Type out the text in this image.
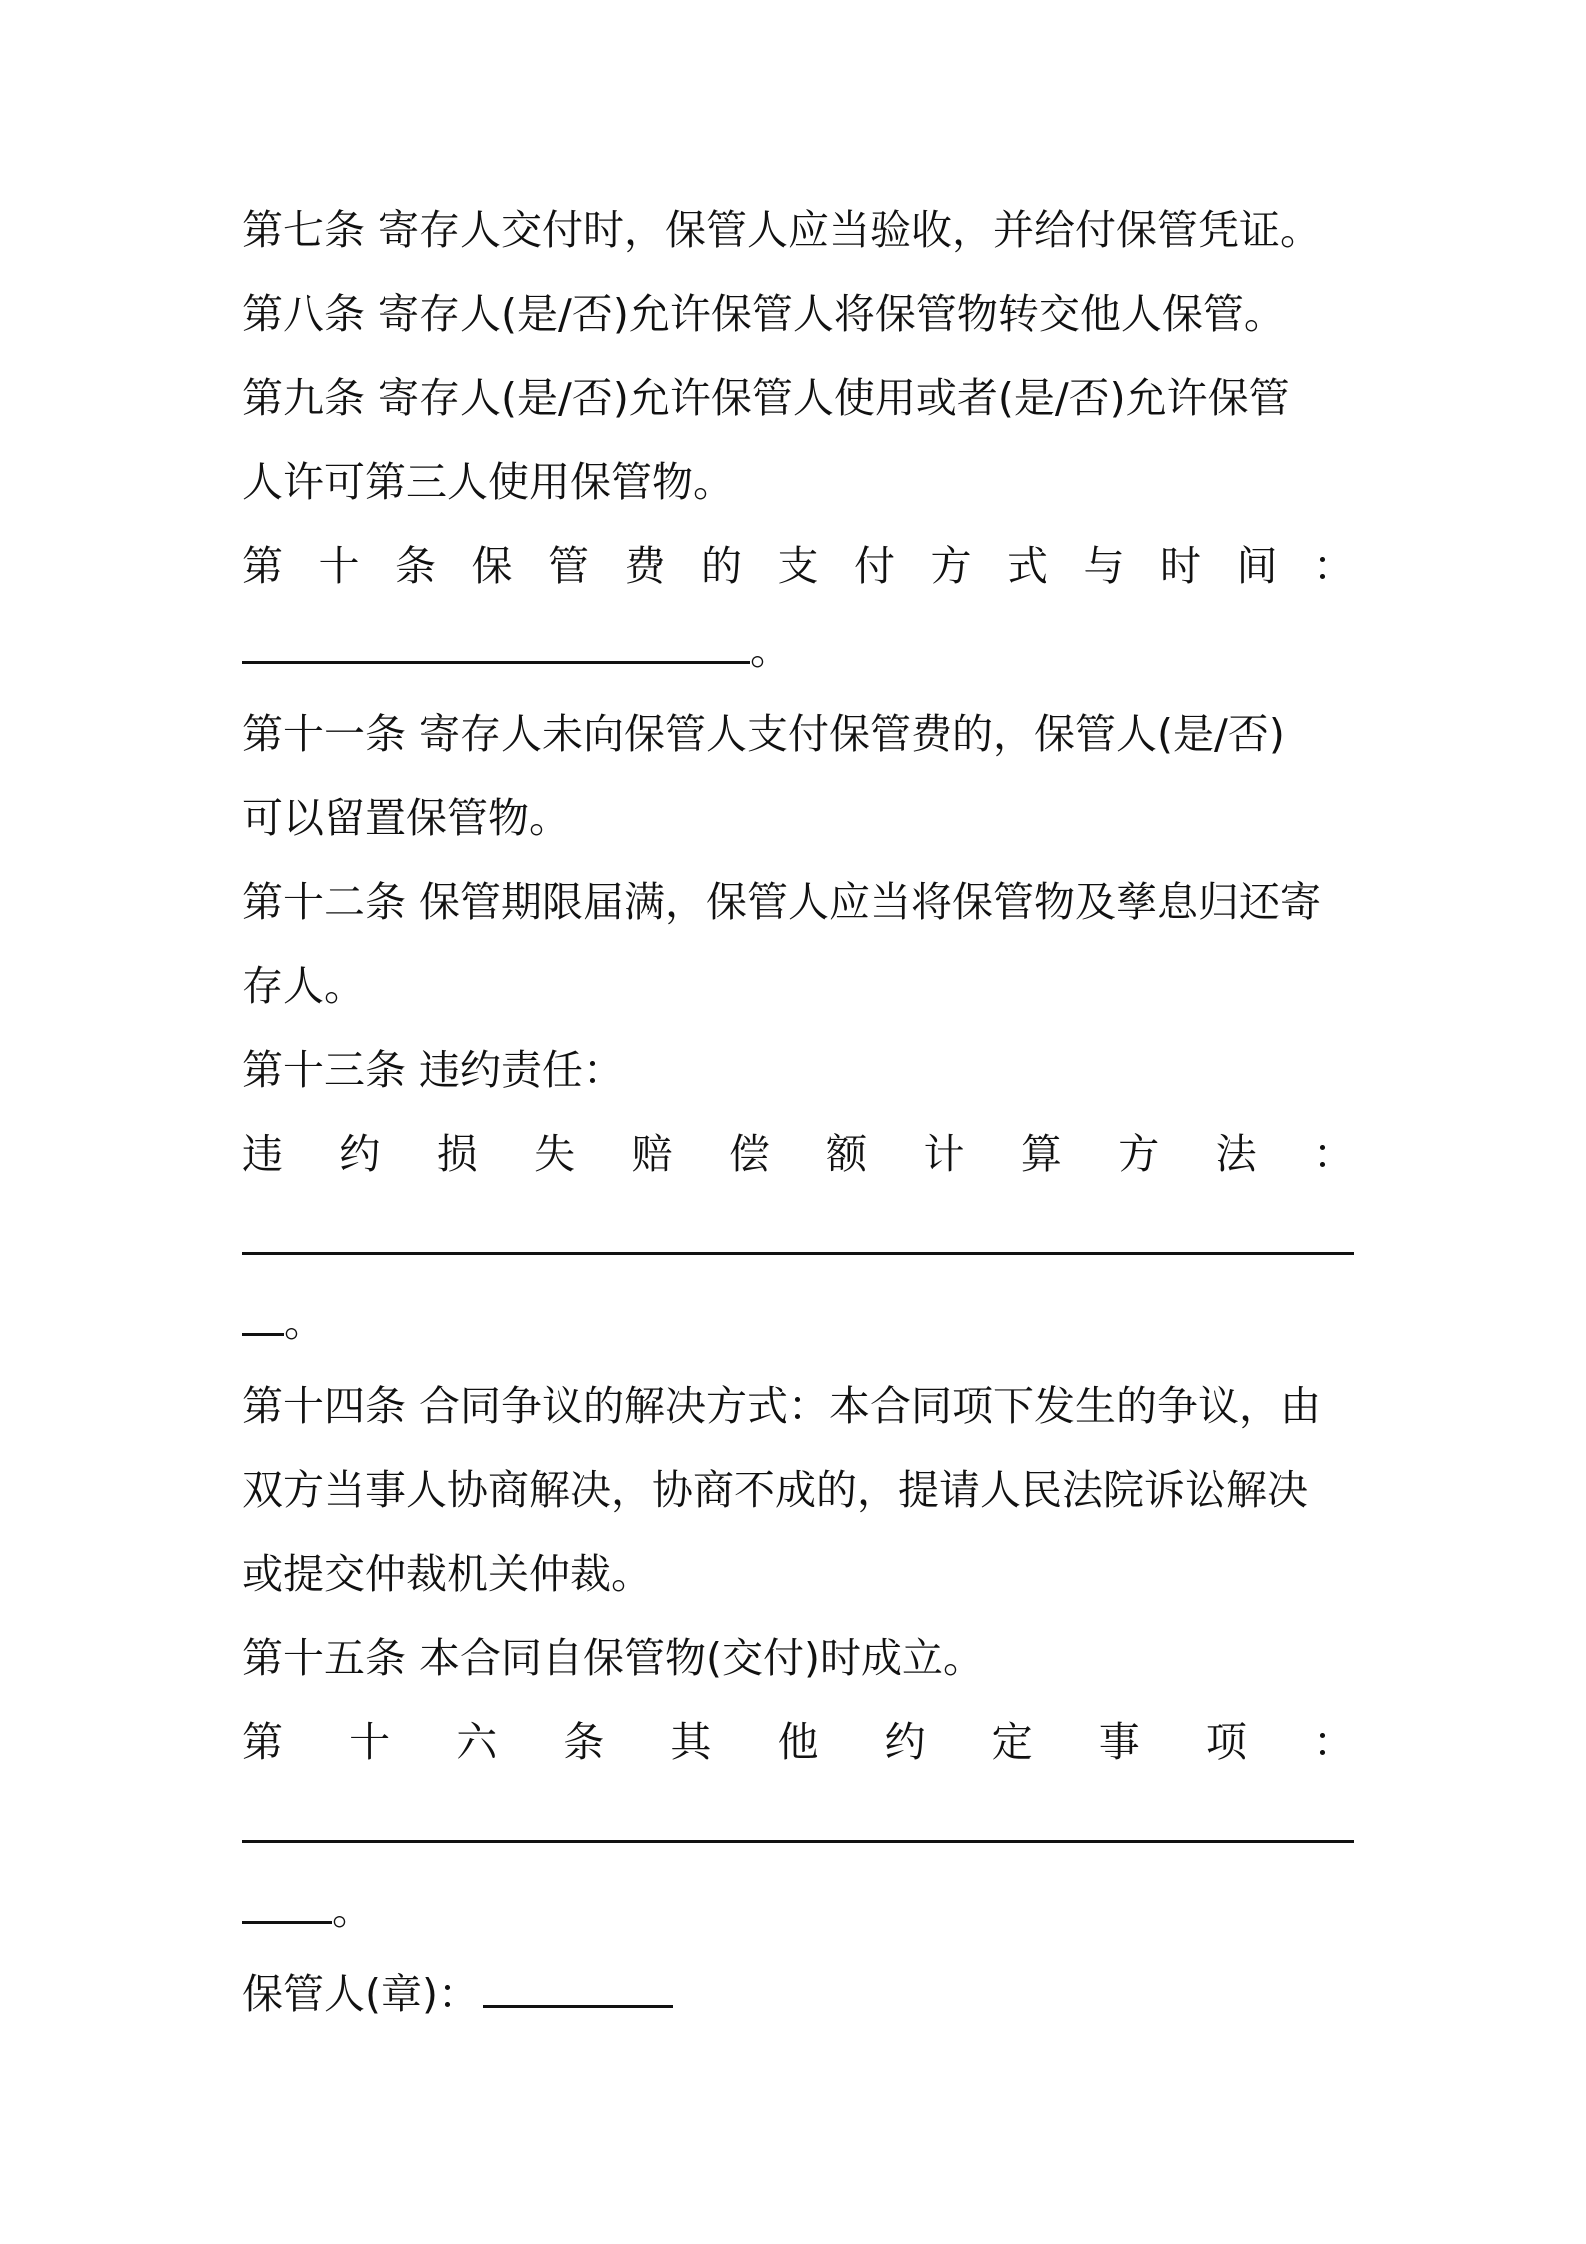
第七条 寄存人交付时，保管人应当验收，并给付保管凭证。
第八条 寄存人(是/否)允许保管人将保管物转交他人保管。
第九条 寄存人(是/否)允许保管人使用或者(是/否)允许保管
人许可第三人使用保管物。
第 十 条 保 管 费 的 支 付 方 式 与 时 间 ：
。
第十一条 寄存人未向保管人支付保管费的，保管人(是/否)
可以留置保管物。
第十二条 保管期限届满，保管人应当将保管物及孳息归还寄
存人。
第十三条 违约责任：
违 约 损 失 赔 偿 额 计 算 方 法 ：
。
第十四条 合同争议的解决方式：本合同项下发生的争议，由
双方当事人协商解决，协商不成的，提请人民法院诉讼解决
或提交仲裁机关仲裁。
第十五条 本合同自保管物(交付)时成立。
第 十 六 条 其 他 约 定 事 项 ：
。
保管人(章)：
